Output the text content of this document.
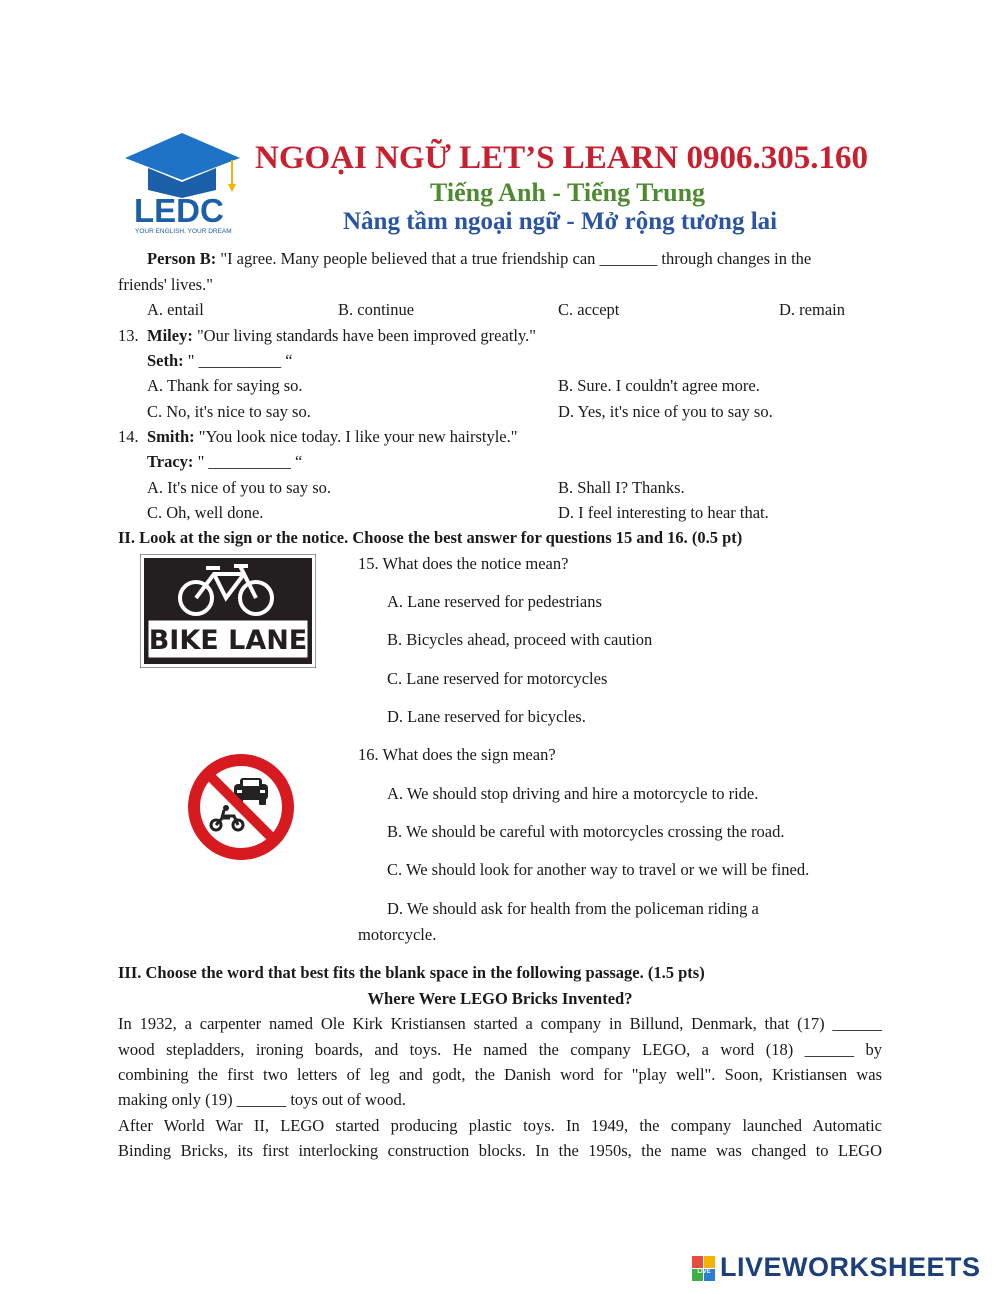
LEDC
YOUR ENGLISH, YOUR DREAM
NGOẠI NGỮ LET’S LEARN 0906.305.160
Tiếng Anh - Tiếng Trung
Nâng tầm ngoại ngữ - Mở rộng tương lai
Person B: "I agree. Many people believed that a true friendship can _______ through changes in the
friends' lives."
A. entail	B. continue	C. accept	D. remain
13. Miley: "Our living standards have been improved greatly."
Seth: " __________ “
A. Thank for saying so.	B. Sure. I couldn't agree more.
C. No, it's nice to say so.	D. Yes, it's nice of you to say so.
14. Smith: "You look nice today. I like your new hairstyle."
Tracy: " __________ “
A. It's nice of you to say so.	B. Shall I? Thanks.
C. Oh, well done.	D. I feel interesting to hear that.
II. Look at the sign or the notice. Choose the best answer for questions 15 and 16. (0.5 pt)
BIKE LANE
15. What does the notice mean?
A. Lane reserved for pedestrians
B. Bicycles ahead, proceed with caution
C. Lane reserved for motorcycles
D. Lane reserved for bicycles.
16. What does the sign mean?
A. We should stop driving and hire a motorcycle to ride.
B. We should be careful with motorcycles crossing the road.
C. We should look for another way to travel or we will be fined.
D. We should ask for health from the policeman riding a
motorcycle.
III. Choose the word that best fits the blank space in the following passage. (1.5 pts)
Where Were LEGO Bricks Invented?
In 1932, a carpenter named Ole Kirk Kristiansen started a company in Billund, Denmark, that (17) ______
wood stepladders, ironing boards, and toys. He named the company LEGO, a word (18) ______ by
combining the first two letters of leg and godt, the Danish word for "play well". Soon, Kristiansen was
making only (19) ______ toys out of wood.
After World War II, LEGO started producing plastic toys. In 1949, the company launched Automatic
Binding Bricks, its first interlocking construction blocks. In the 1950s, the name was changed to LEGO
LIVE LIVEWORKSHEETS
